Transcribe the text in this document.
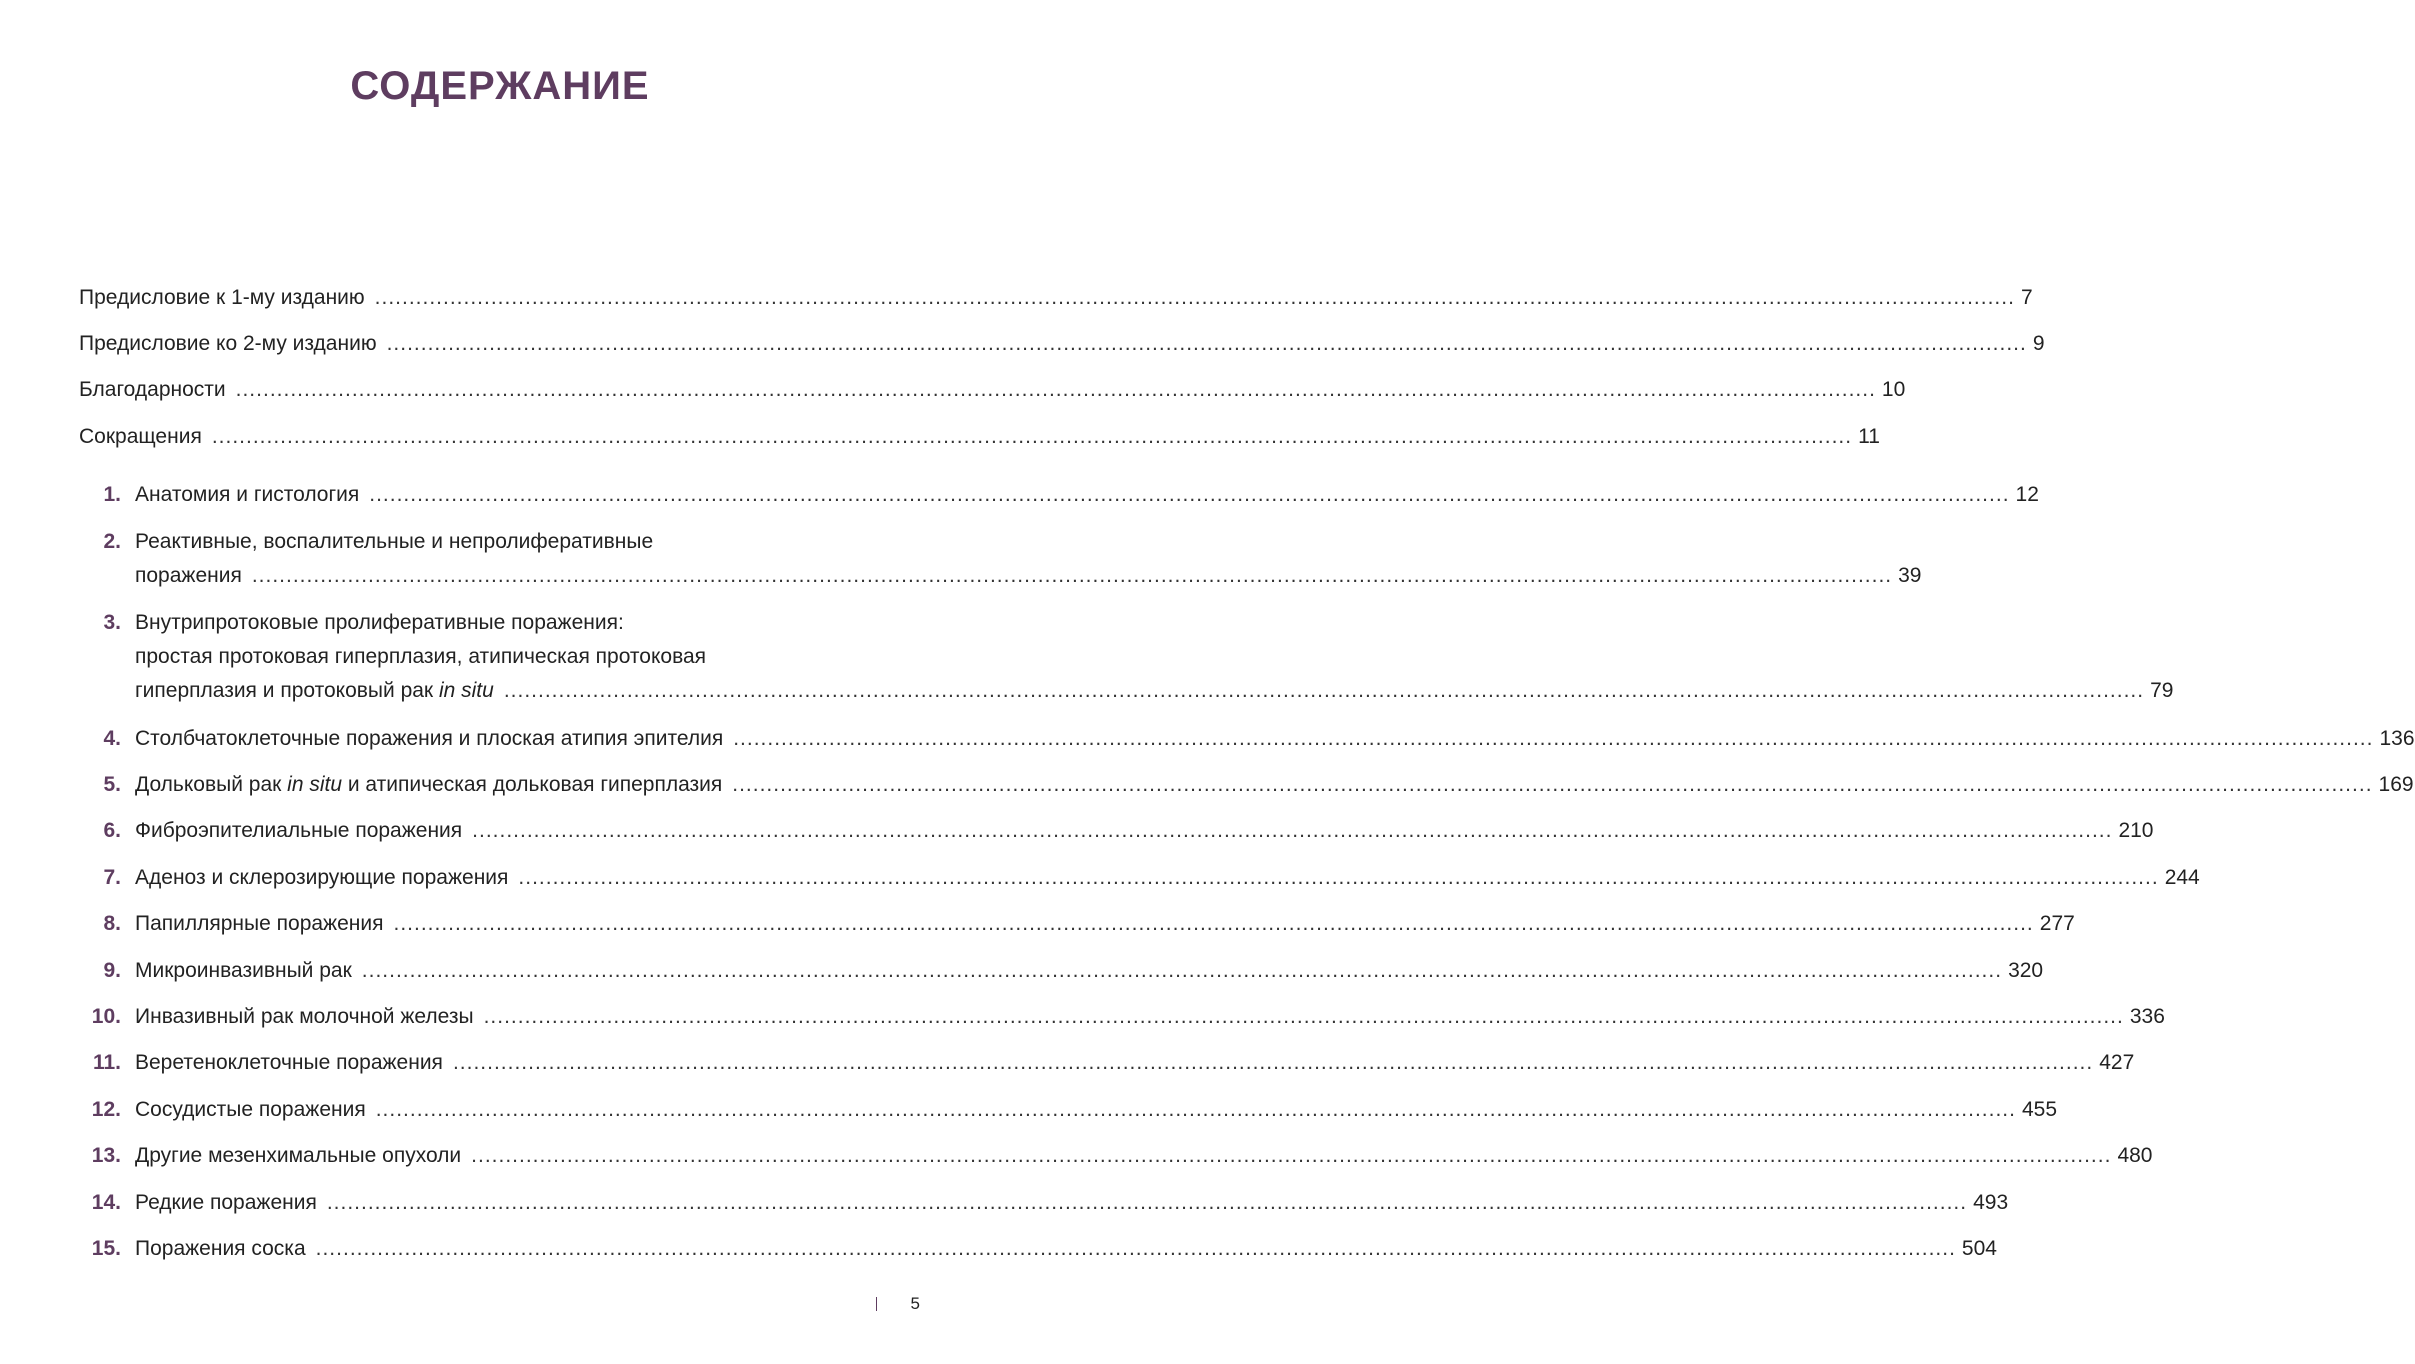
СОДЕРЖАНИЕ
Предисловие к 1-му изданию .....	7
Предисловие ко 2-му изданию .....	9
Благодарности .....	10
Сокращения .....	11
1. Анатомия и гистология .....	12
2. Реактивные, воспалительные и непролиферативные
поражения .....	39
3. Внутрипротоковые пролиферативные поражения:
простая протоковая гиперплазия, атипическая протоковая
гиперплазия и протоковый рак in situ .....	79
4. Столбчатоклеточные поражения и плоская атипия эпителия .....	136
5. Дольковый рак in situ и атипическая дольковая гиперплазия .....	169
6. Фиброэпителиальные поражения .....	210
7. Аденоз и склерозирующие поражения .....	244
8. Папиллярные поражения .....	277
9. Микроинвазивный рак .....	320
10. Инвазивный рак молочной железы .....	336
11. Веретеноклеточные поражения .....	427
12. Сосудистые поражения .....	455
13. Другие мезенхимальные опухоли .....	480
14. Редкие поражения .....	493
15. Поражения соска .....	504
5
